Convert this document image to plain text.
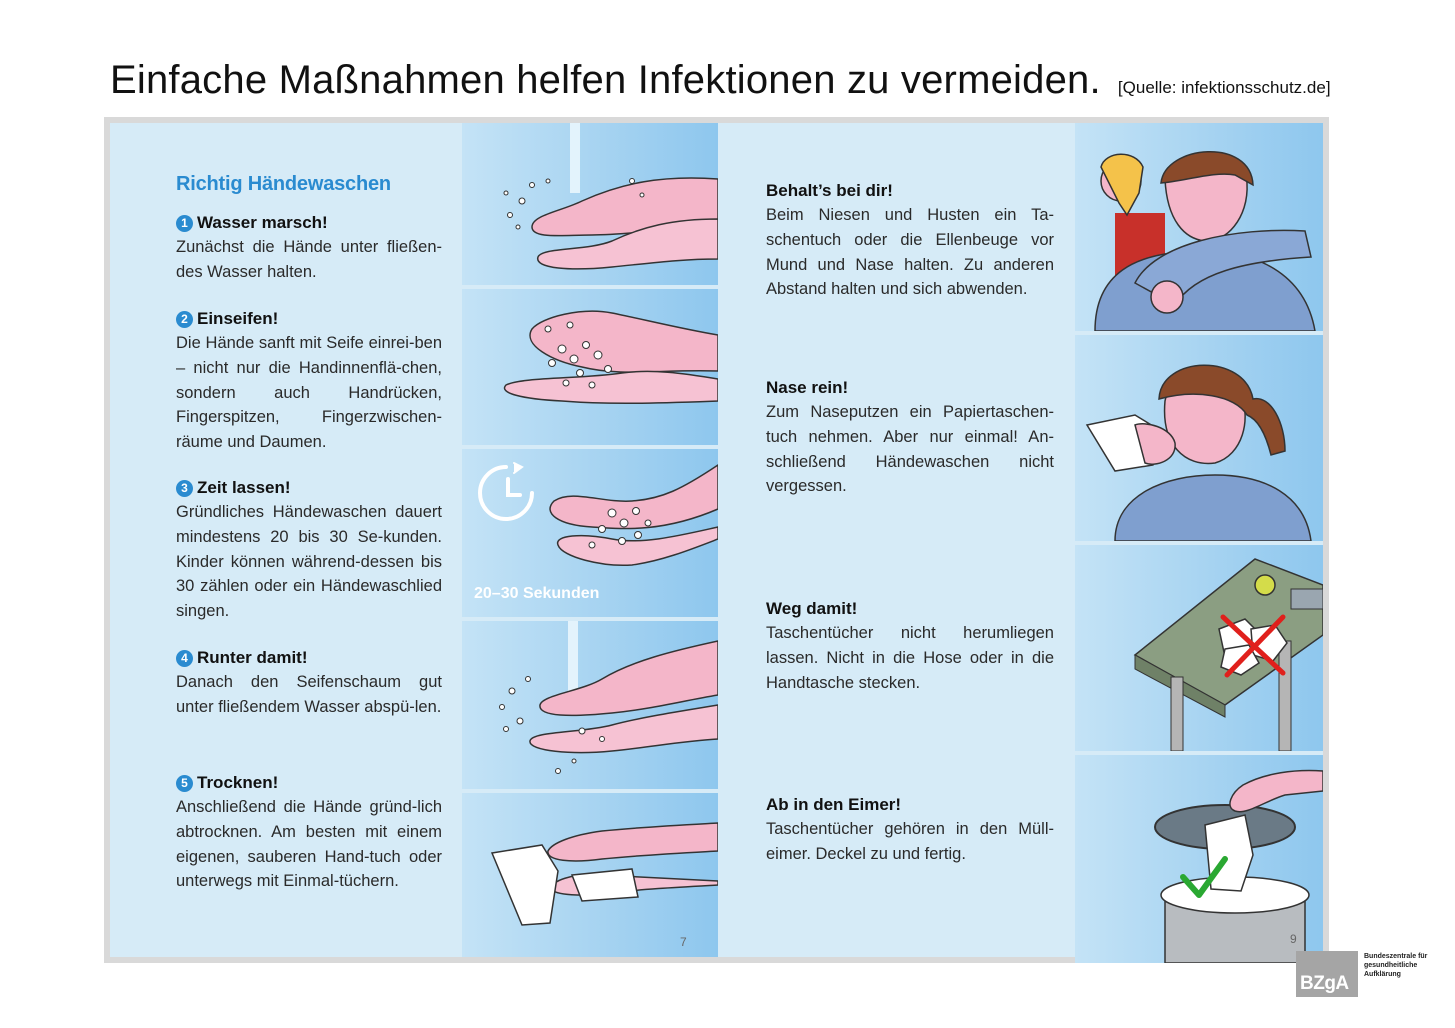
Einfache Maßnahmen helfen Infektionen zu vermeiden. [Quelle: infektionsschutz.de]
Richtig Händewaschen
1 Wasser marsch!
Zunächst die Hände unter fließen-des Wasser halten.
2 Einseifen!
Die Hände sanft mit Seife einrei-ben – nicht nur die Handinnenflä-chen, sondern auch Handrücken, Fingerspitzen, Fingerzwischen-räume und Daumen.
3 Zeit lassen!
Gründliches Händewaschen dauert mindestens 20 bis 30 Se-kunden. Kinder können während-dessen bis 30 zählen oder ein Händewaschlied singen.
4 Runter damit!
Danach den Seifenschaum gut unter fließendem Wasser abspü-len.
5 Trocknen!
Anschließend die Hände gründ-lich abtrocknen. Am besten mit einem eigenen, sauberen Hand-tuch oder unterwegs mit Einmal-tüchern.
20–30 Sekunden
7
Behalt’s bei dir!
Beim Niesen und Husten ein Ta-schentuch oder die Ellenbeuge vor Mund und Nase halten. Zu anderen Abstand halten und sich abwenden.
Nase rein!
Zum Naseputzen ein Papiertaschen-tuch nehmen. Aber nur einmal! An-schließend Händewaschen nicht vergessen.
Weg damit!
Taschentücher nicht herumliegen lassen. Nicht in die Hose oder in die Handtasche stecken.
Ab in den Eimer!
Taschentücher gehören in den Müll-eimer. Deckel zu und fertig.
9
BZgA
Bundeszentrale für gesundheitliche Aufklärung
